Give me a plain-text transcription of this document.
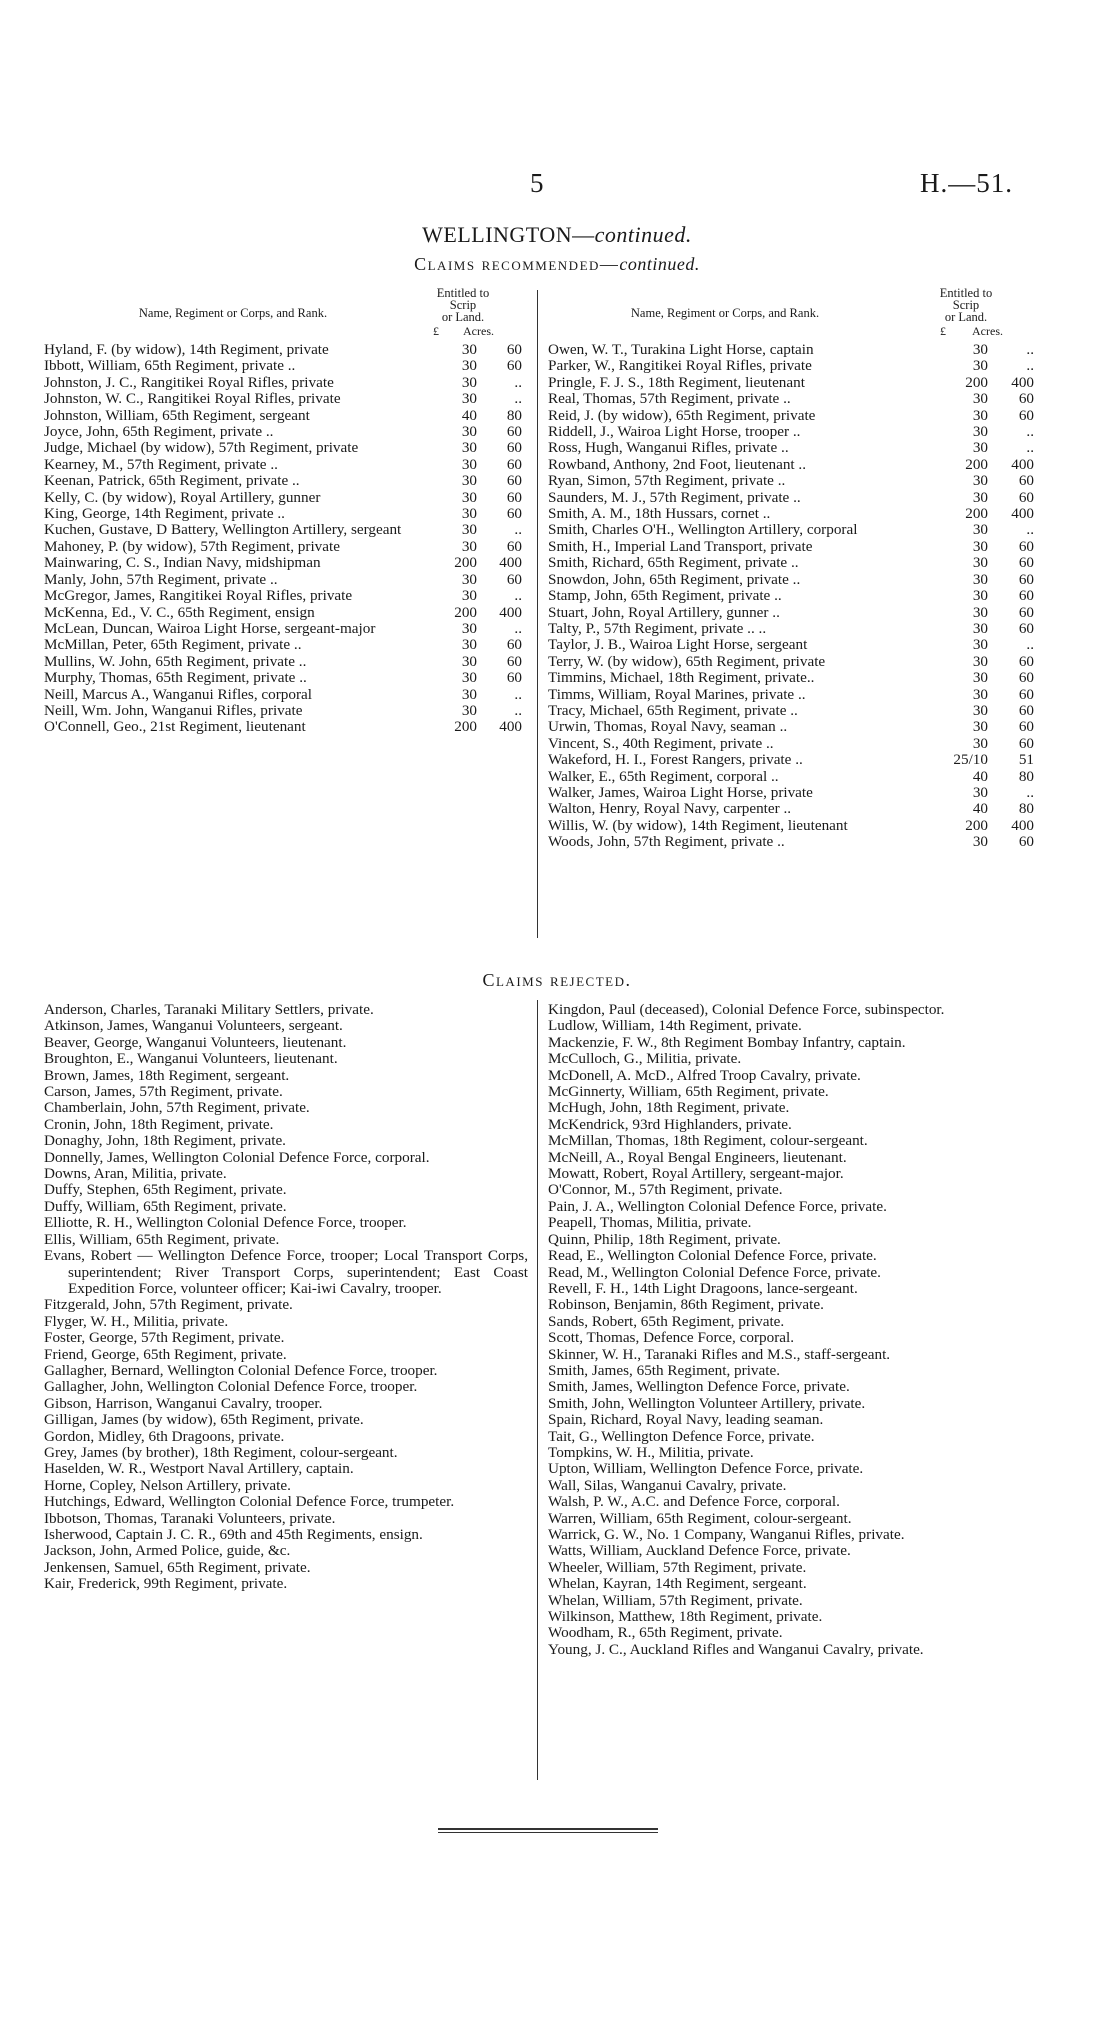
5	H.—51.
WELLINGTON—continued.
Claims recommended—continued.
Name, Regiment or Corps, and Rank.
Entitled to
Scrip
or Land.
£ Acres.
Name, Regiment or Corps, and Rank.
Entitled to
Scrip
or Land.
£ Acres.
Hyland, F. (by widow), 14th Regiment, private	30	60
Ibbott, William, 65th Regiment, private ..	30	60
Johnston, J. C., Rangitikei Royal Rifles, private	30	..
Johnston, W. C., Rangitikei Royal Rifles, private	30	..
Johnston, William, 65th Regiment, sergeant	40	80
Joyce, John, 65th Regiment, private ..	30	60
Judge, Michael (by widow), 57th Regiment, private	30	60
Kearney, M., 57th Regiment, private ..	30	60
Keenan, Patrick, 65th Regiment, private ..	30	60
Kelly, C. (by widow), Royal Artillery, gunner	30	60
King, George, 14th Regiment, private ..	30	60
Kuchen, Gustave, D Battery, Wellington Artillery, sergeant	30	..
Mahoney, P. (by widow), 57th Regiment, private	30	60
Mainwaring, C. S., Indian Navy, midshipman	200	400
Manly, John, 57th Regiment, private ..	30	60
McGregor, James, Rangitikei Royal Rifles, private	30	..
McKenna, Ed., V. C., 65th Regiment, ensign	200	400
McLean, Duncan, Wairoa Light Horse, sergeant-major	30	..
McMillan, Peter, 65th Regiment, private ..	30	60
Mullins, W. John, 65th Regiment, private ..	30	60
Murphy, Thomas, 65th Regiment, private ..	30	60
Neill, Marcus A., Wanganui Rifles, corporal	30	..
Neill, Wm. John, Wanganui Rifles, private	30	..
O'Connell, Geo., 21st Regiment, lieutenant	200	400
Owen, W. T., Turakina Light Horse, captain	30	..
Parker, W., Rangitikei Royal Rifles, private	30	..
Pringle, F. J. S., 18th Regiment, lieutenant	200	400
Real, Thomas, 57th Regiment, private ..	30	60
Reid, J. (by widow), 65th Regiment, private	30	60
Riddell, J., Wairoa Light Horse, trooper ..	30	..
Ross, Hugh, Wanganui Rifles, private ..	30	..
Rowband, Anthony, 2nd Foot, lieutenant ..	200	400
Ryan, Simon, 57th Regiment, private ..	30	60
Saunders, M. J., 57th Regiment, private ..	30	60
Smith, A. M., 18th Hussars, cornet ..	200	400
Smith, Charles O'H., Wellington Artillery, corporal	30	..
Smith, H., Imperial Land Transport, private	30	60
Smith, Richard, 65th Regiment, private ..	30	60
Snowdon, John, 65th Regiment, private ..	30	60
Stamp, John, 65th Regiment, private ..	30	60
Stuart, John, Royal Artillery, gunner ..	30	60
Talty, P., 57th Regiment, private .. ..	30	60
Taylor, J. B., Wairoa Light Horse, sergeant	30	..
Terry, W. (by widow), 65th Regiment, private	30	60
Timmins, Michael, 18th Regiment, private..	30	60
Timms, William, Royal Marines, private ..	30	60
Tracy, Michael, 65th Regiment, private ..	30	60
Urwin, Thomas, Royal Navy, seaman ..	30	60
Vincent, S., 40th Regiment, private ..	30	60
Wakeford, H. I., Forest Rangers, private ..	25/10	51
Walker, E., 65th Regiment, corporal ..	40	80
Walker, James, Wairoa Light Horse, private	30	..
Walton, Henry, Royal Navy, carpenter ..	40	80
Willis, W. (by widow), 14th Regiment, lieutenant	200	400
Woods, John, 57th Regiment, private ..	30	60
Claims rejected.
Anderson, Charles, Taranaki Military Settlers, private.
Atkinson, James, Wanganui Volunteers, sergeant.
Beaver, George, Wanganui Volunteers, lieutenant.
Broughton, E., Wanganui Volunteers, lieutenant.
Brown, James, 18th Regiment, sergeant.
Carson, James, 57th Regiment, private.
Chamberlain, John, 57th Regiment, private.
Cronin, John, 18th Regiment, private.
Donaghy, John, 18th Regiment, private.
Donnelly, James, Wellington Colonial Defence Force, corporal.
Downs, Aran, Militia, private.
Duffy, Stephen, 65th Regiment, private.
Duffy, William, 65th Regiment, private.
Elliotte, R. H., Wellington Colonial Defence Force, trooper.
Ellis, William, 65th Regiment, private.
Evans, Robert — Wellington Defence Force, trooper; Local Transport Corps, superintendent; River Transport Corps, superintendent; East Coast Expedition Force, volunteer officer; Kai-iwi Cavalry, trooper.
Fitzgerald, John, 57th Regiment, private.
Flyger, W. H., Militia, private.
Foster, George, 57th Regiment, private.
Friend, George, 65th Regiment, private.
Gallagher, Bernard, Wellington Colonial Defence Force, trooper.
Gallagher, John, Wellington Colonial Defence Force, trooper.
Gibson, Harrison, Wanganui Cavalry, trooper.
Gilligan, James (by widow), 65th Regiment, private.
Gordon, Midley, 6th Dragoons, private.
Grey, James (by brother), 18th Regiment, colour-sergeant.
Haselden, W. R., Westport Naval Artillery, captain.
Horne, Copley, Nelson Artillery, private.
Hutchings, Edward, Wellington Colonial Defence Force, trumpeter.
Ibbotson, Thomas, Taranaki Volunteers, private.
Isherwood, Captain J. C. R., 69th and 45th Regiments, ensign.
Jackson, John, Armed Police, guide, &c.
Jenkensen, Samuel, 65th Regiment, private.
Kair, Frederick, 99th Regiment, private.
Kingdon, Paul (deceased), Colonial Defence Force, subinspector.
Ludlow, William, 14th Regiment, private.
Mackenzie, F. W., 8th Regiment Bombay Infantry, captain.
McCulloch, G., Militia, private.
McDonell, A. McD., Alfred Troop Cavalry, private.
McGinnerty, William, 65th Regiment, private.
McHugh, John, 18th Regiment, private.
McKendrick, 93rd Highlanders, private.
McMillan, Thomas, 18th Regiment, colour-sergeant.
McNeill, A., Royal Bengal Engineers, lieutenant.
Mowatt, Robert, Royal Artillery, sergeant-major.
O'Connor, M., 57th Regiment, private.
Pain, J. A., Wellington Colonial Defence Force, private.
Peapell, Thomas, Militia, private.
Quinn, Philip, 18th Regiment, private.
Read, E., Wellington Colonial Defence Force, private.
Read, M., Wellington Colonial Defence Force, private.
Revell, F. H., 14th Light Dragoons, lance-sergeant.
Robinson, Benjamin, 86th Regiment, private.
Sands, Robert, 65th Regiment, private.
Scott, Thomas, Defence Force, corporal.
Skinner, W. H., Taranaki Rifles and M.S., staff-sergeant.
Smith, James, 65th Regiment, private.
Smith, James, Wellington Defence Force, private.
Smith, John, Wellington Volunteer Artillery, private.
Spain, Richard, Royal Navy, leading seaman.
Tait, G., Wellington Defence Force, private.
Tompkins, W. H., Militia, private.
Upton, William, Wellington Defence Force, private.
Wall, Silas, Wanganui Cavalry, private.
Walsh, P. W., A.C. and Defence Force, corporal.
Warren, William, 65th Regiment, colour-sergeant.
Warrick, G. W., No. 1 Company, Wanganui Rifles, private.
Watts, William, Auckland Defence Force, private.
Wheeler, William, 57th Regiment, private.
Whelan, Kayran, 14th Regiment, sergeant.
Whelan, William, 57th Regiment, private.
Wilkinson, Matthew, 18th Regiment, private.
Woodham, R., 65th Regiment, private.
Young, J. C., Auckland Rifles and Wanganui Cavalry, private.
